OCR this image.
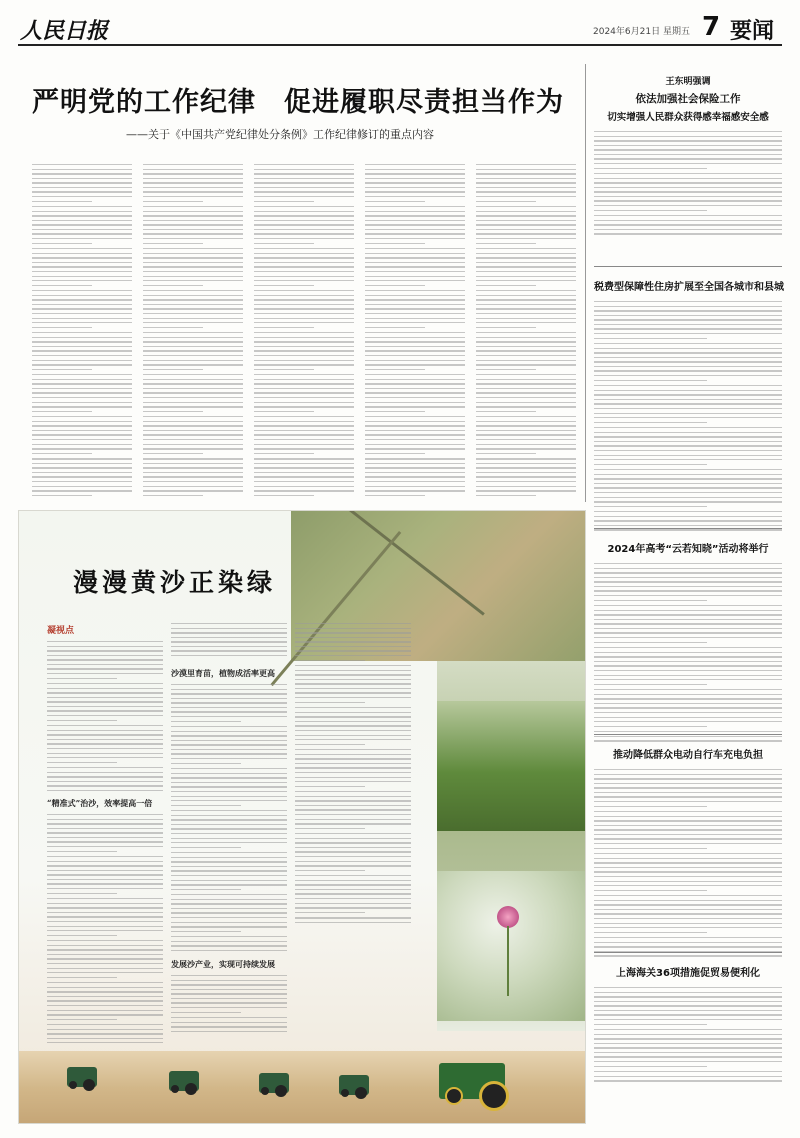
人民日报	2024年6月21日 星期五 7 要闻
严明党的工作纪律　促进履职尽责担当作为
——关于《中国共产党纪律处分条例》工作纪律修订的重点内容
王东明强调
依法加强社会保险工作
切实增强人民群众获得感幸福感安全感
税费型保障性住房扩展至全国各城市和县城
2024年高考“云若知晓”活动将举行
推动降低群众电动自行车充电负担
上海海关36项措施促贸易便利化
漫漫黄沙正染绿
凝视点
“精准式”治沙，效率提高一倍
沙漠里育苗，植物成活率更高
发展沙产业，实现可持续发展
